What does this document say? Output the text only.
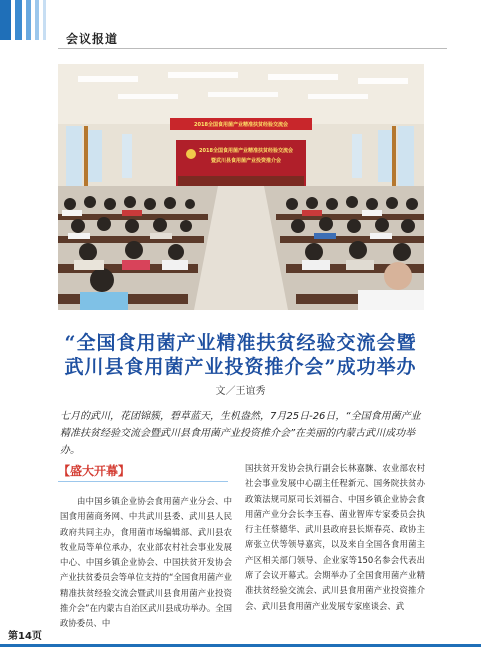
会议报道
2018全国食用菌产业精准扶贫经验交流会
2018全国食用菌产业精准扶贫经验交流会
暨武川县食用菌产业投资推介会
“全国食用菌产业精准扶贫经验交流会暨
武川县食用菌产业投资推介会”成功举办
文／王谊秀
七月的武川，花团锦簇，碧草蓝天，生机盎然，7月25日-26日，“全国食用菌产业精准扶贫经验交流会暨武川县食用菌产业投资推介会”在美丽的内蒙古武川成功举办。
【盛大开幕】
由中国乡镇企业协会食用菌产业分会、中国食用菌商务网、中共武川县委、武川县人民政府共同主办，食用菌市场编辑部、武川县农牧业局等单位承办，农业部农村社会事业发展中心、中国乡镇企业协会、中国扶贫开发协会产业扶贫委员会等单位支持的“全国食用菌产业精准扶贫经验交流会暨武川县食用菌产业投资推介会”在内蒙古自治区武川县成功举办。全国政协委员、中
国扶贫开发协会执行副会长林嘉騋、农业部农村社会事业发展中心副主任程新元、国务院扶贫办政策法规司原司长刘福合、中国乡镇企业协会食用菌产业分会长李玉春、菌业智库专家委员会执行主任蔡德华、武川县政府县长斯春亮、政协主席张立伏等领导嘉宾，以及来自全国各食用菌主产区相关部门领导、企业家等150名参会代表出席了会议开幕式。会期举办了全国食用菌产业精准扶贫经验交流会、武川县食用菌产业投资推介会、武川县食用菌产业发展专家座谈会、武
第14页
